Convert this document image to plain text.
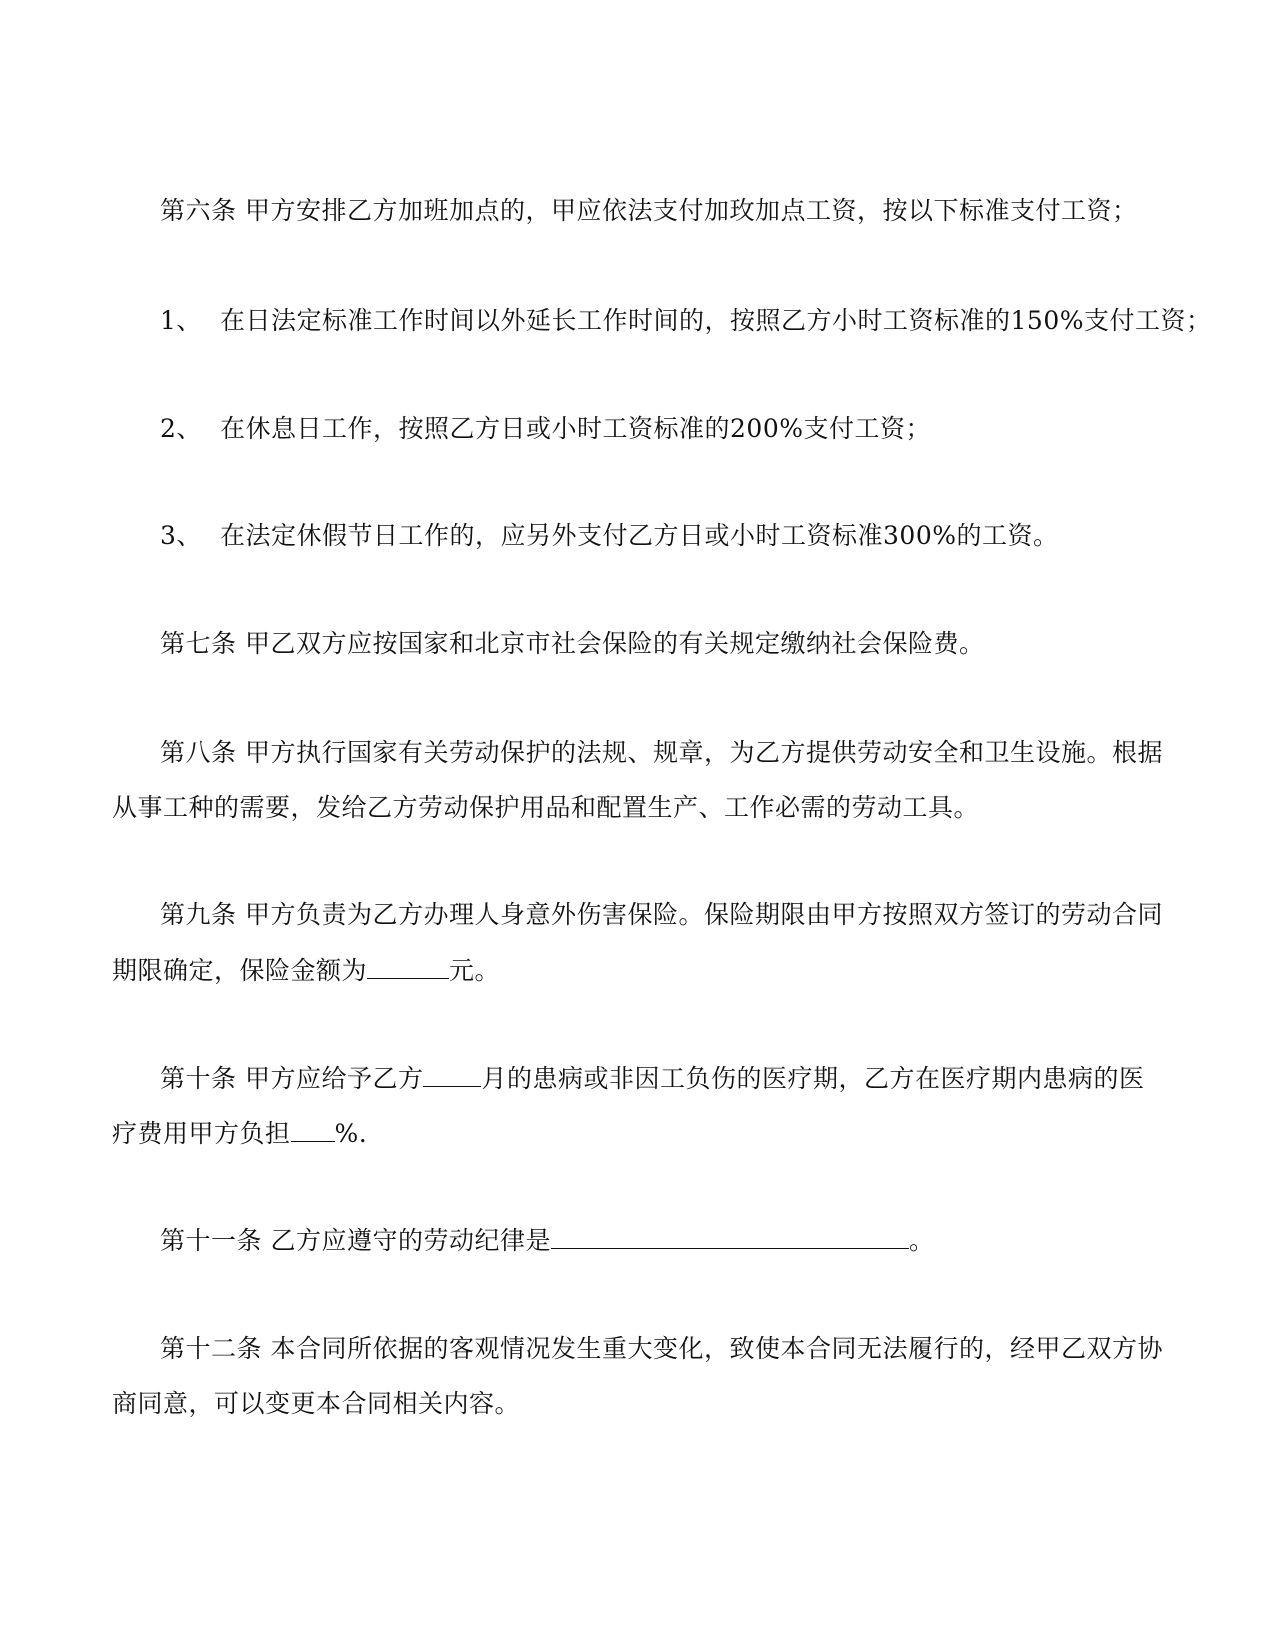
第六条 甲方安排乙方加班加点的，甲应依法支付加玫加点工资，按以下标准支付工资；
1、 在日法定标准工作时间以外延长工作时间的，按照乙方小时工资标准的150%支付工资；
2、 在休息日工作，按照乙方日或小时工资标准的200%支付工资；
3、 在法定休假节日工作的，应另外支付乙方日或小时工资标准300%的工资。
第七条 甲乙双方应按国家和北京市社会保险的有关规定缴纳社会保险费。
第八条 甲方执行国家有关劳动保护的法规、规章，为乙方提供劳动安全和卫生设施。根据
从事工种的需要，发给乙方劳动保护用品和配置生产、工作必需的劳动工具。
第九条 甲方负责为乙方办理人身意外伤害保险。保险期限由甲方按照双方签订的劳动合同
期限确定，保险金额为	元。
第十条 甲方应给予乙方 月的患病或非因工负伤的医疗期，乙方在医疗期内患病的医
疗费用甲方负担 %.
第十一条 乙方应遵守的劳动纪律是	。
第十二条 本合同所依据的客观情况发生重大变化，致使本合同无法履行的，经甲乙双方协
商同意，可以变更本合同相关内容。
